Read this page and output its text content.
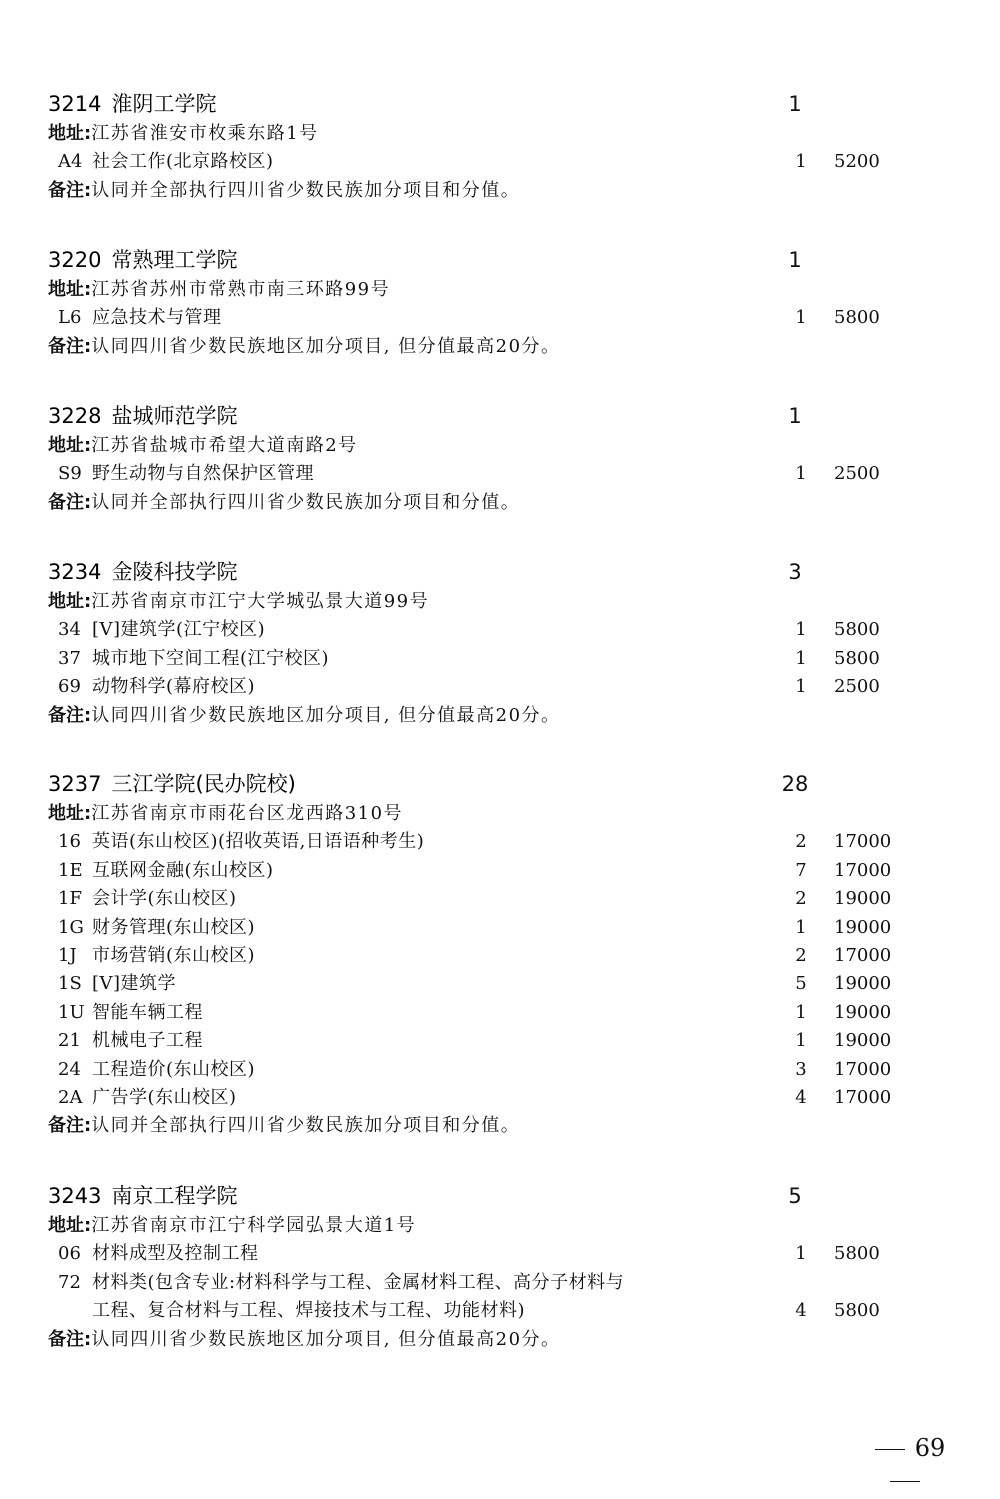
3214 淮阴工学院	1
地址:江苏省淮安市枚乘东路1号
A4 社会工作(北京路校区)	1	5200
备注:认同并全部执行四川省少数民族加分项目和分值。
3220 常熟理工学院	1
地址:江苏省苏州市常熟市南三环路99号
L6 应急技术与管理	1	5800
备注:认同四川省少数民族地区加分项目, 但分值最高20分。
3228 盐城师范学院	1
地址:江苏省盐城市希望大道南路2号
S9 野生动物与自然保护区管理	1	2500
备注:认同并全部执行四川省少数民族加分项目和分值。
3234 金陵科技学院	3
地址:江苏省南京市江宁大学城弘景大道99号
34 [V]建筑学(江宁校区)	1	5800
37 城市地下空间工程(江宁校区)	1	5800
69 动物科学(幕府校区)	1	2500
备注:认同四川省少数民族地区加分项目, 但分值最高20分。
3237 三江学院(民办院校)	28
地址:江苏省南京市雨花台区龙西路310号
16 英语(东山校区)(招收英语,日语语种考生)	2	17000
1E 互联网金融(东山校区)	7	17000
1F 会计学(东山校区)	2	19000
1G 财务管理(东山校区)	1	19000
1J 市场营销(东山校区)	2	17000
1S [V]建筑学	5	19000
1U 智能车辆工程	1	19000
21 机械电子工程	1	19000
24 工程造价(东山校区)	3	17000
2A 广告学(东山校区)	4	17000
备注:认同并全部执行四川省少数民族加分项目和分值。
3243 南京工程学院	5
地址:江苏省南京市江宁科学园弘景大道1号
06 材料成型及控制工程	1	5800
72 材料类(包含专业:材料科学与工程、金属材料工程、高分子材料与
工程、复合材料与工程、焊接技术与工程、功能材料)	4	5800
备注:认同四川省少数民族地区加分项目, 但分值最高20分。
69
